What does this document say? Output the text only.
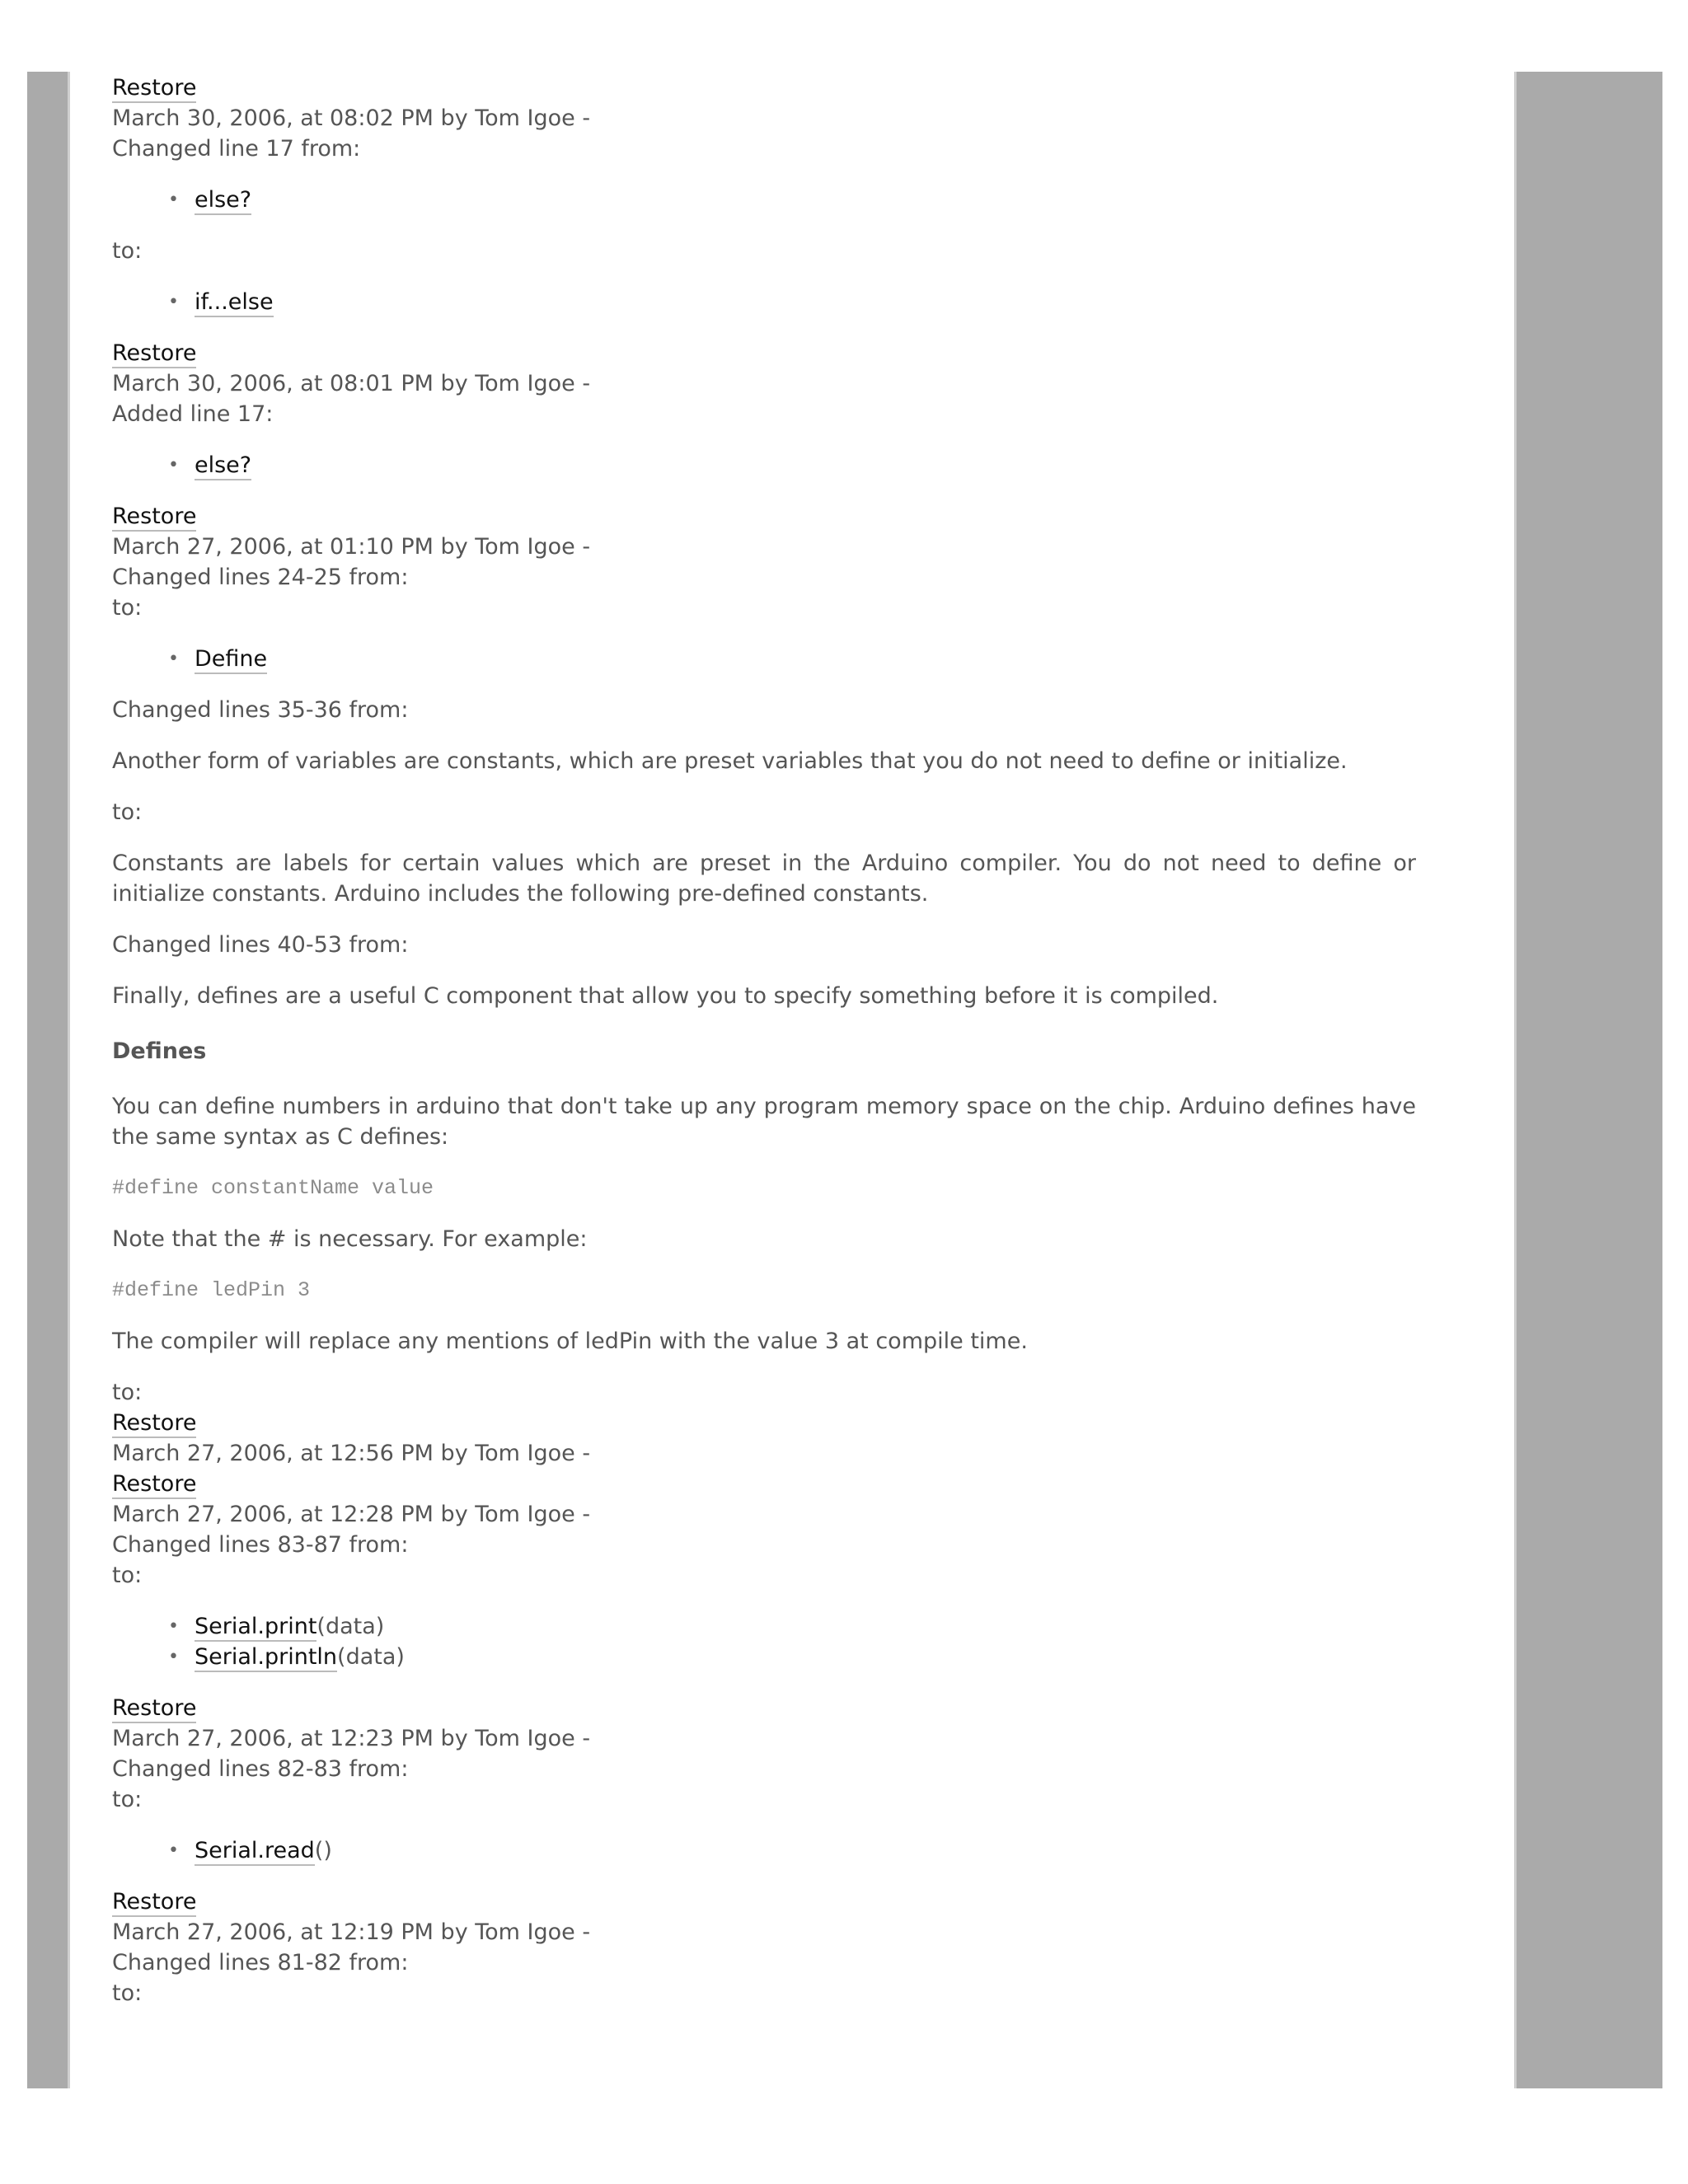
Restore

March 30, 2006, at 08:02 PM by Tom Igoe -

Changed line 17 from:

• else?

to:

• if...else

Restore

March 30, 2006, at 08:01 PM by Tom Igoe -

Added line 17:

• else?

Restore

March 27, 2006, at 01:10 PM by Tom Igoe -

Changed lines 24-25 from:

to:

• Define

Changed lines 35-36 from:

Another form of variables are constants, which are preset variables that you do not need to define or initialize.

to:

Constants are labels for certain values which are preset in the Arduino compiler. You do not need to define or initialize constants. Arduino includes the following pre-defined constants.

Changed lines 40-53 from:

Finally, defines are a useful C component that allow you to specify something before it is compiled.

Defines

You can define numbers in arduino that don't take up any program memory space on the chip. Arduino defines have the same syntax as C defines:

#define constantName value

Note that the # is necessary. For example:

#define ledPin 3

The compiler will replace any mentions of ledPin with the value 3 at compile time.

to:

Restore

March 27, 2006, at 12:56 PM by Tom Igoe -

Restore

March 27, 2006, at 12:28 PM by Tom Igoe -

Changed lines 83-87 from:

to:

• Serial.print(data)
• Serial.println(data)

Restore

March 27, 2006, at 12:23 PM by Tom Igoe -

Changed lines 82-83 from:

to:

• Serial.read()

Restore

March 27, 2006, at 12:19 PM by Tom Igoe -

Changed lines 81-82 from:

to:
